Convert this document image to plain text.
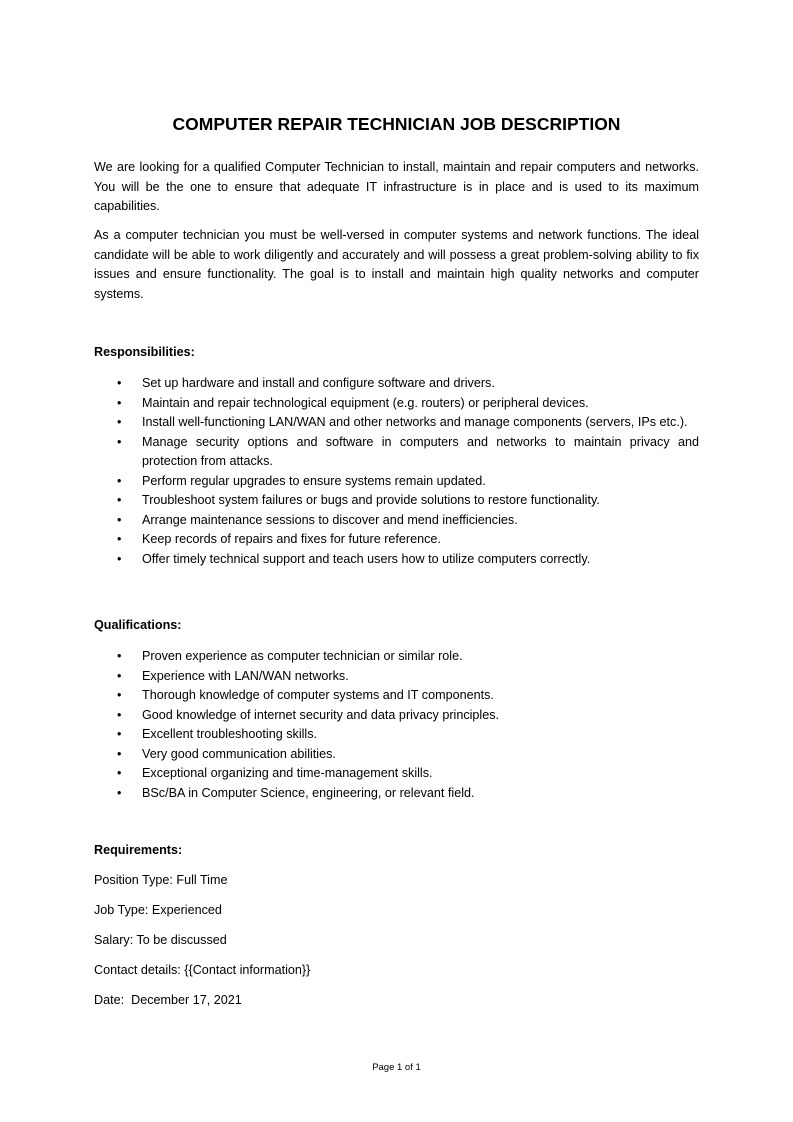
COMPUTER REPAIR TECHNICIAN JOB DESCRIPTION

We are looking for a qualified Computer Technician to install, maintain and repair computers and networks. You will be the one to ensure that adequate IT infrastructure is in place and is used to its maximum capabilities.

As a computer technician you must be well-versed in computer systems and network functions. The ideal candidate will be able to work diligently and accurately and will possess a great problem-solving ability to fix issues and ensure functionality. The goal is to install and maintain high quality networks and computer systems.

Responsibilities:

• Set up hardware and install and configure software and drivers.
• Maintain and repair technological equipment (e.g. routers) or peripheral devices.
• Install well-functioning LAN/WAN and other networks and manage components (servers, IPs etc.).
• Manage security options and software in computers and networks to maintain privacy and protection from attacks.
• Perform regular upgrades to ensure systems remain updated.
• Troubleshoot system failures or bugs and provide solutions to restore functionality.
• Arrange maintenance sessions to discover and mend inefficiencies.
• Keep records of repairs and fixes for future reference.
• Offer timely technical support and teach users how to utilize computers correctly.

Qualifications:

• Proven experience as computer technician or similar role.
• Experience with LAN/WAN networks.
• Thorough knowledge of computer systems and IT components.
• Good knowledge of internet security and data privacy principles.
• Excellent troubleshooting skills.
• Very good communication abilities.
• Exceptional organizing and time-management skills.
• BSc/BA in Computer Science, engineering, or relevant field.

Requirements:

Position Type: Full Time

Job Type: Experienced

Salary: To be discussed

Contact details: {{Contact information}}

Date:  December 17, 2021

Page 1 of 1
